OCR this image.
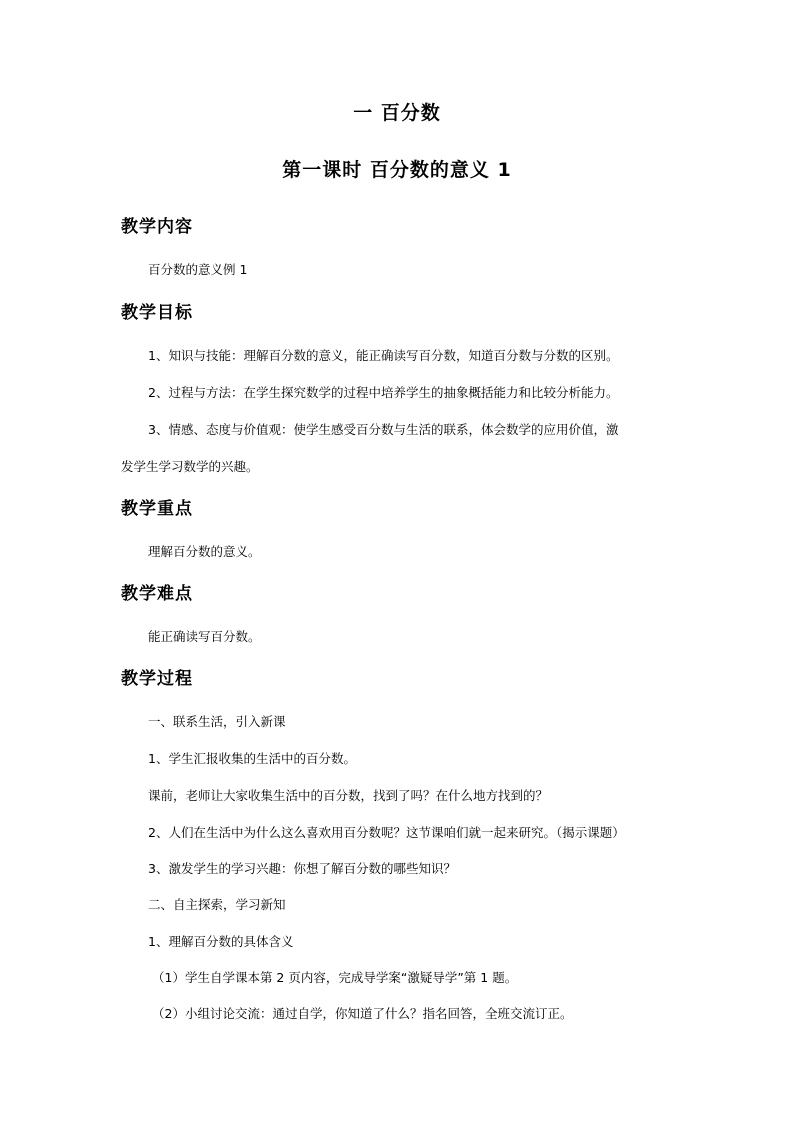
一 百分数
第一课时 百分数的意义 1
教学内容
百分数的意义例 1
教学目标
1、知识与技能：理解百分数的意义，能正确读写百分数，知道百分数与分数的区别。
2、过程与方法：在学生探究数学的过程中培养学生的抽象概括能力和比较分析能力。
3、情感、态度与价值观：使学生感受百分数与生活的联系，体会数学的应用价值，激
发学生学习数学的兴趣。
教学重点
理解百分数的意义。
教学难点
能正确读写百分数。
教学过程
一、联系生活，引入新课
1、学生汇报收集的生活中的百分数。
课前，老师让大家收集生活中的百分数，找到了吗？在什么地方找到的？
2、人们在生活中为什么这么喜欢用百分数呢？这节课咱们就一起来研究。（揭示课题）
3、激发学生的学习兴趣：你想了解百分数的哪些知识？
二、自主探索，学习新知
1、理解百分数的具体含义
（1）学生自学课本第 2 页内容，完成导学案“激疑导学”第 1 题。
（2）小组讨论交流：通过自学，你知道了什么？指名回答，全班交流订正。
